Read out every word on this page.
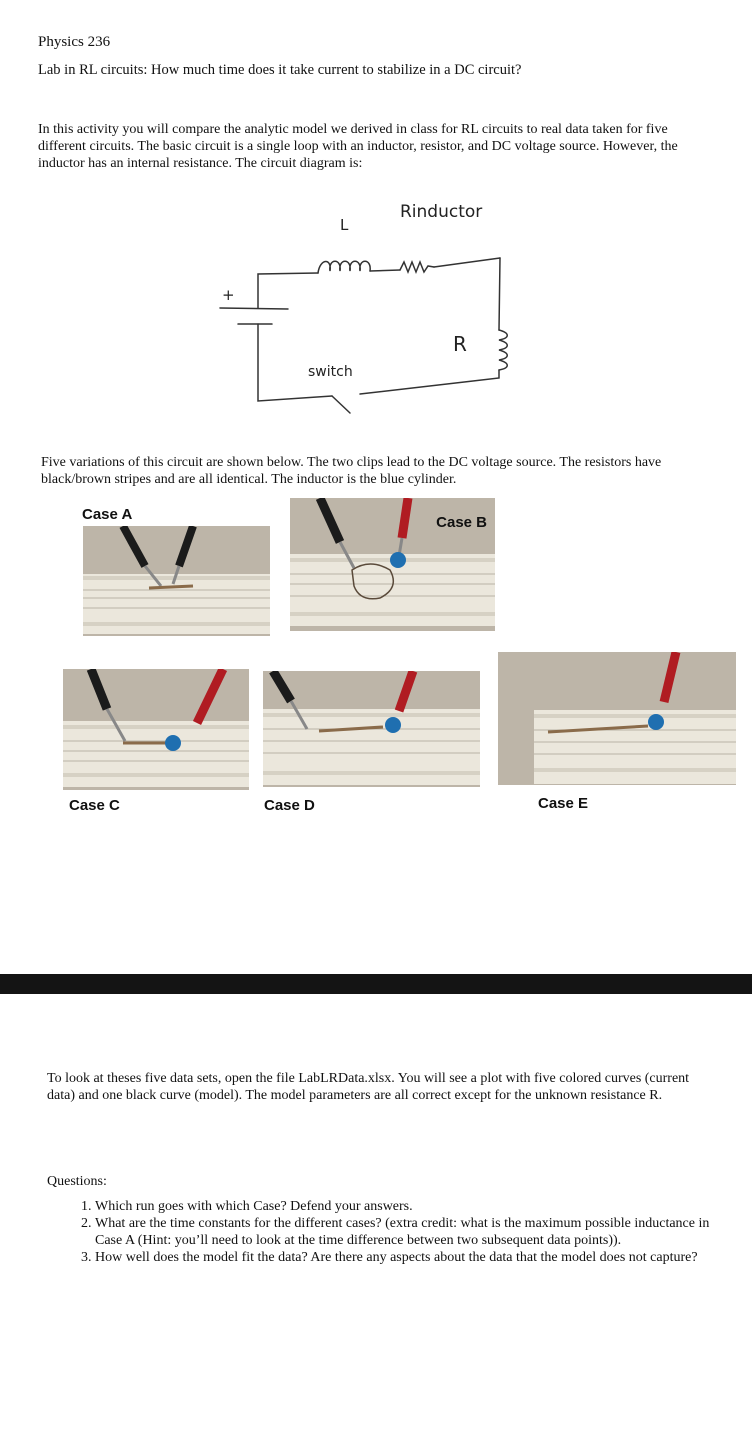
Physics 236
Lab in RL circuits: How much time does it take current to stabilize in a DC circuit?
In this activity you will compare the analytic model we derived in class for RL circuits to real data taken for five different circuits. The basic circuit is a single loop with an inductor, resistor, and DC voltage source. However, the inductor has an internal resistance. The circuit diagram is:
L
Rinductor
+
R
switch
Five variations of this circuit are shown below. The two clips lead to the DC voltage source. The resistors have black/brown stripes and are all identical. The inductor is the blue cylinder.
Case A
Case C	Case D	Case E
Case B
To look at theses five data sets, open the file LabLRData.xlsx. You will see a plot with five colored curves (current data) and one black curve (model). The model parameters are all correct except for the unknown resistance R.
Questions:
1. Which run goes with which Case? Defend your answers.
2. What are the time constants for the different cases? (extra credit: what is the maximum possible inductance in Case A (Hint: you’ll need to look at the time difference between two subsequent data points)).
3. How well does the model fit the data? Are there any aspects about the data that the model does not capture?
